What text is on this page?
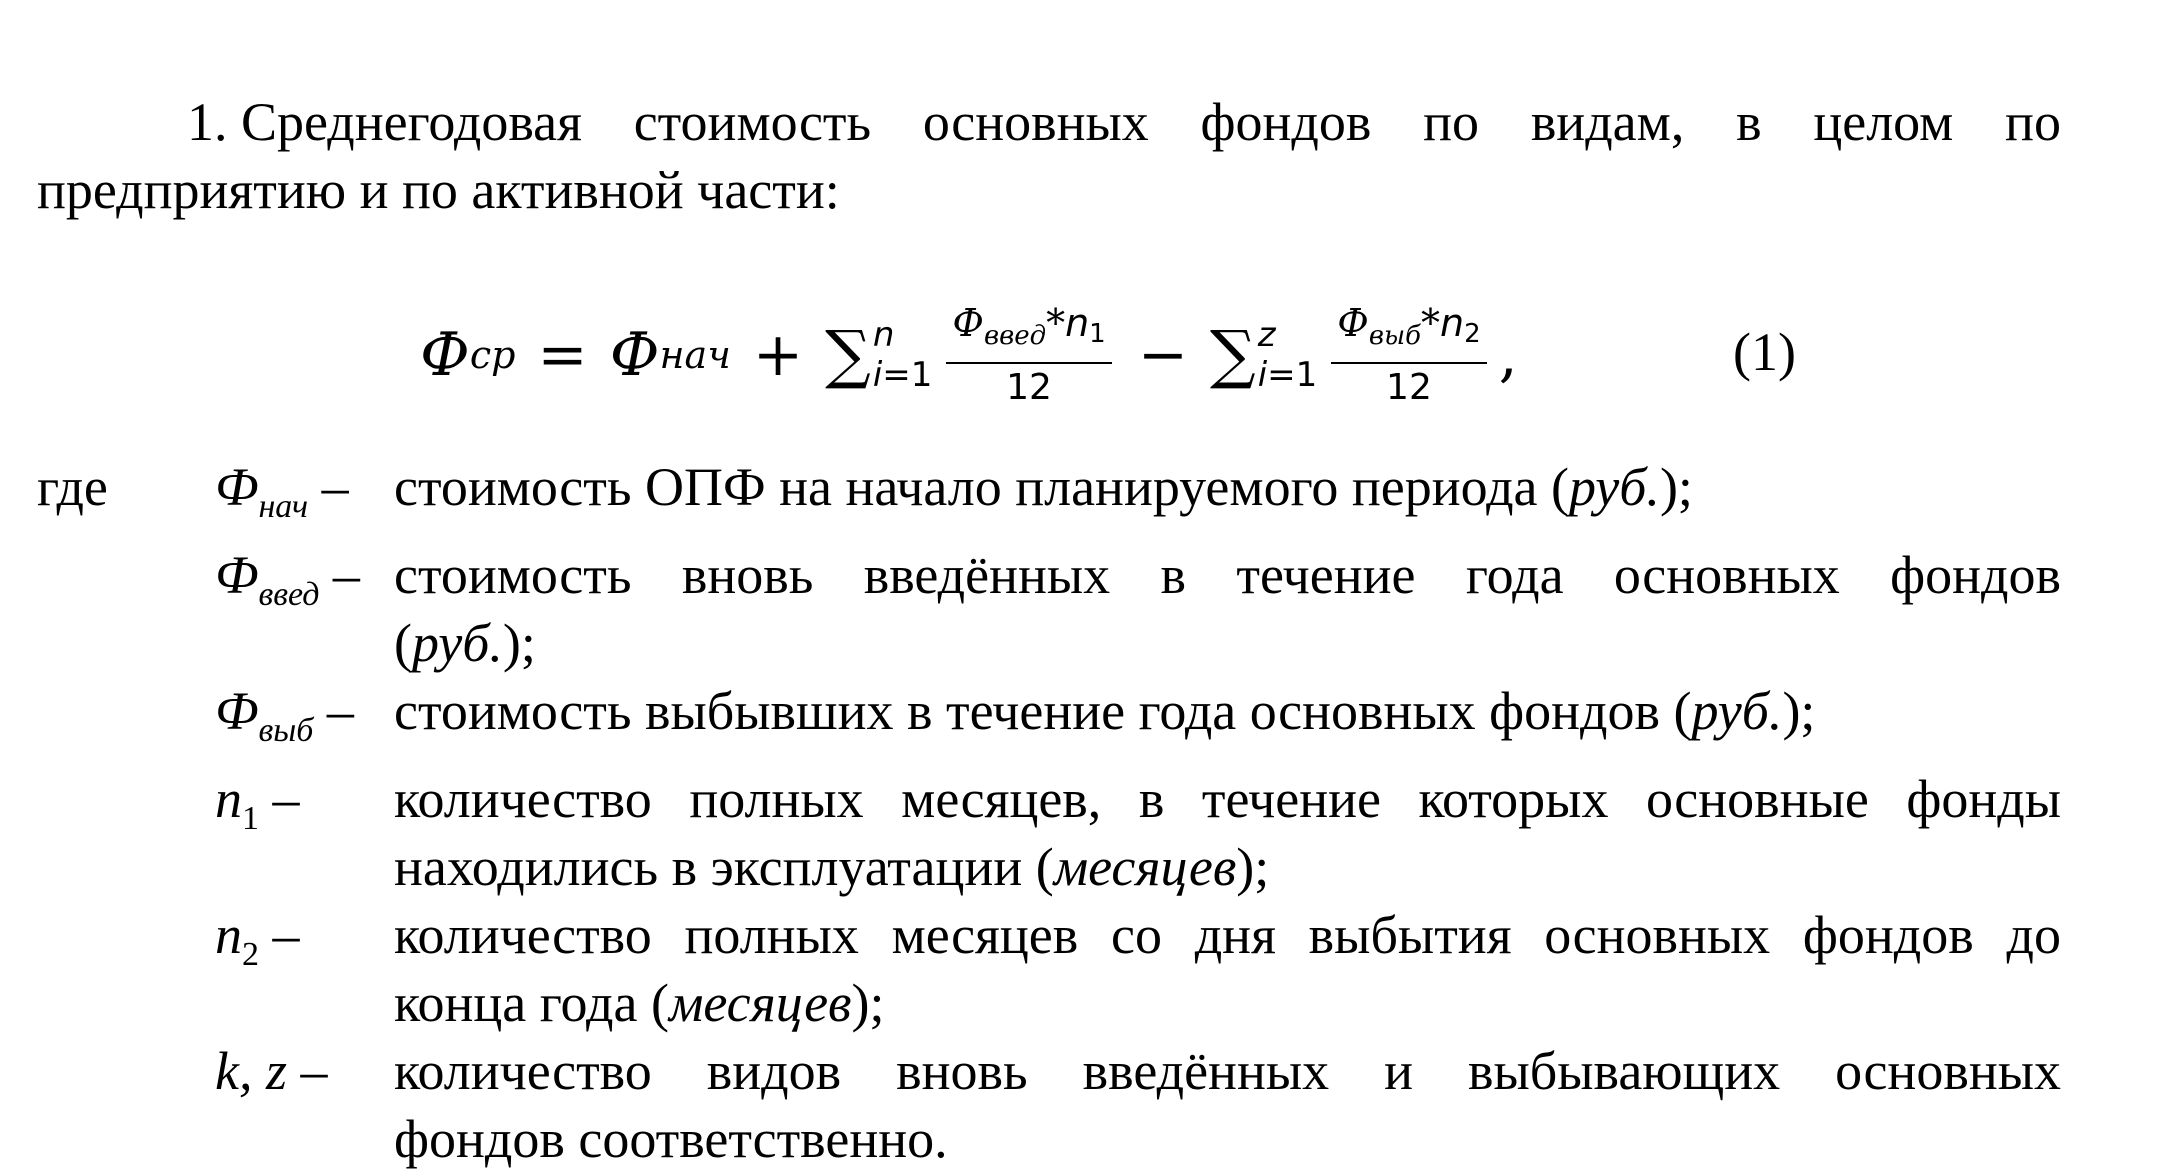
1. Среднегодовая стоимость основных фондов по видам, в целом по
предприятию и по активной части:
Ф ср = Ф нач + ∑ n
$i=1 \frac{Ф_{введ}*n1}{12}$ − ∑ z
$i=1 \frac{Ф_{выб}*n2}{12}$ ,	(1)
где	$Ф_{нач}$ – стоимость ОПФ на начало планируемого периода (руб.);
$Ф_{введ}$ – стоимость вновь введённых в течение года основных фондов
(руб.);
$Ф_{выб}$ – стоимость выбывших в течение года основных фондов (руб.);
$n_1$ –	количество полных месяцев, в течение которых основные фонды
находились в эксплуатации (месяцев);
$n_2$ –	количество полных месяцев со дня выбытия основных фондов до
конца года (месяцев);
k, z –	количество видов вновь введённых и выбывающих основных
фондов соответственно.
